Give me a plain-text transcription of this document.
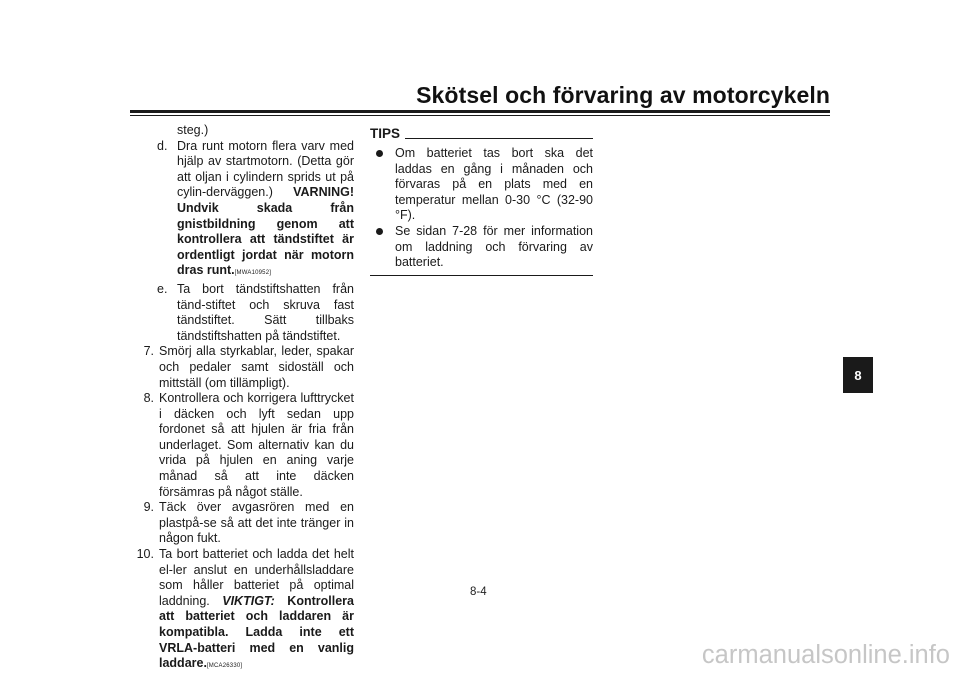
Skötsel och förvaring av motorcykeln
steg.)
d. Dra runt motorn flera varv med hjälp av startmotorn. (Detta gör att oljan i cylindern sprids ut på cylin-derväggen.) VARNING! Undvik skada från gnistbildning genom att kontrollera att tändstiftet är ordentligt jordat när motorn dras runt.[MWA10952]
e. Ta bort tändstiftshatten från tänd-stiftet och skruva fast tändstiftet. Sätt tillbaks tändstiftshatten på tändstiftet.
7. Smörj alla styrkablar, leder, spakar och pedaler samt sidoställ och mittställ (om tillämpligt).
8. Kontrollera och korrigera lufttrycket i däcken och lyft sedan upp fordonet så att hjulen är fria från underlaget. Som alternativ kan du vrida på hjulen en aning varje månad så att inte däcken försämras på något ställe.
9. Täck över avgasrören med en plastpå-se så att det inte tränger in någon fukt.
10. Ta bort batteriet och ladda det helt el-ler anslut en underhållsladdare som håller batteriet på optimal laddning. VIKTIGT: Kontrollera att batteriet och laddaren är kompatibla. Ladda inte ett VRLA-batteri med en vanlig laddare.[MCA26330]
TIPS
Om batteriet tas bort ska det laddas en gång i månaden och förvaras på en plats med en temperatur mellan 0-30 °C (32-90 °F).
Se sidan 7-28 för mer information om laddning och förvaring av batteriet.
8
8-4
carmanualsonline.info
